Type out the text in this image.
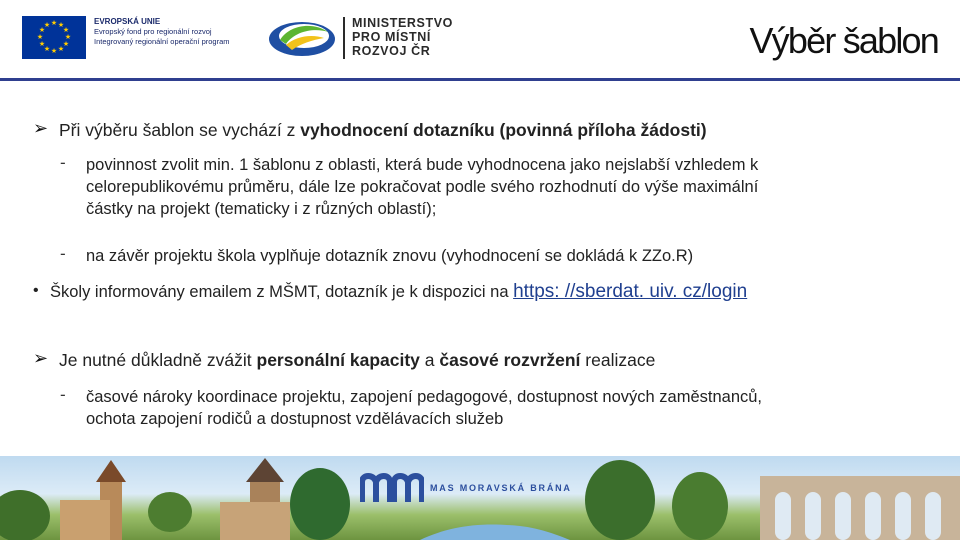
★ ★
★
★
★
★
★
★
★
★
★
★	EVROPSKÁ UNIE
Evropský fond pro regionální rozvoj
Integrovaný regionální operační program
MINISTERSTVO
PRO MÍSTNÍ
ROZVOJ ČR	Výběr šablon
➢ Při výběru šablon se vychází z vyhodnocení dotazníku (povinná příloha žádosti)
- povinnost zvolit min. 1 šablonu z oblasti, která bude vyhodnocena jako nejslabší vzhledem k
celorepublikovému průměru, dále lze pokračovat podle svého rozhodnutí do výše maximální
částky na projekt (tematicky i z různých oblastí);
- na závěr projektu škola vyplňuje dotazník znovu (vyhodnocení se dokládá k ZZo.R)
• Školy informovány emailem z MŠMT, dotazník je k dispozici na https: //sberdat. uiv. cz/login
➢ Je nutné důkladně zvážit personální kapacity a časové rozvržení realizace
- časové nároky koordinace projektu, zapojení pedagogové, dostupnost nových zaměstnanců,
ochota zapojení rodičů a dostupnost vzdělávacích služeb
MAS MORAVSKÁ BRÁNA
